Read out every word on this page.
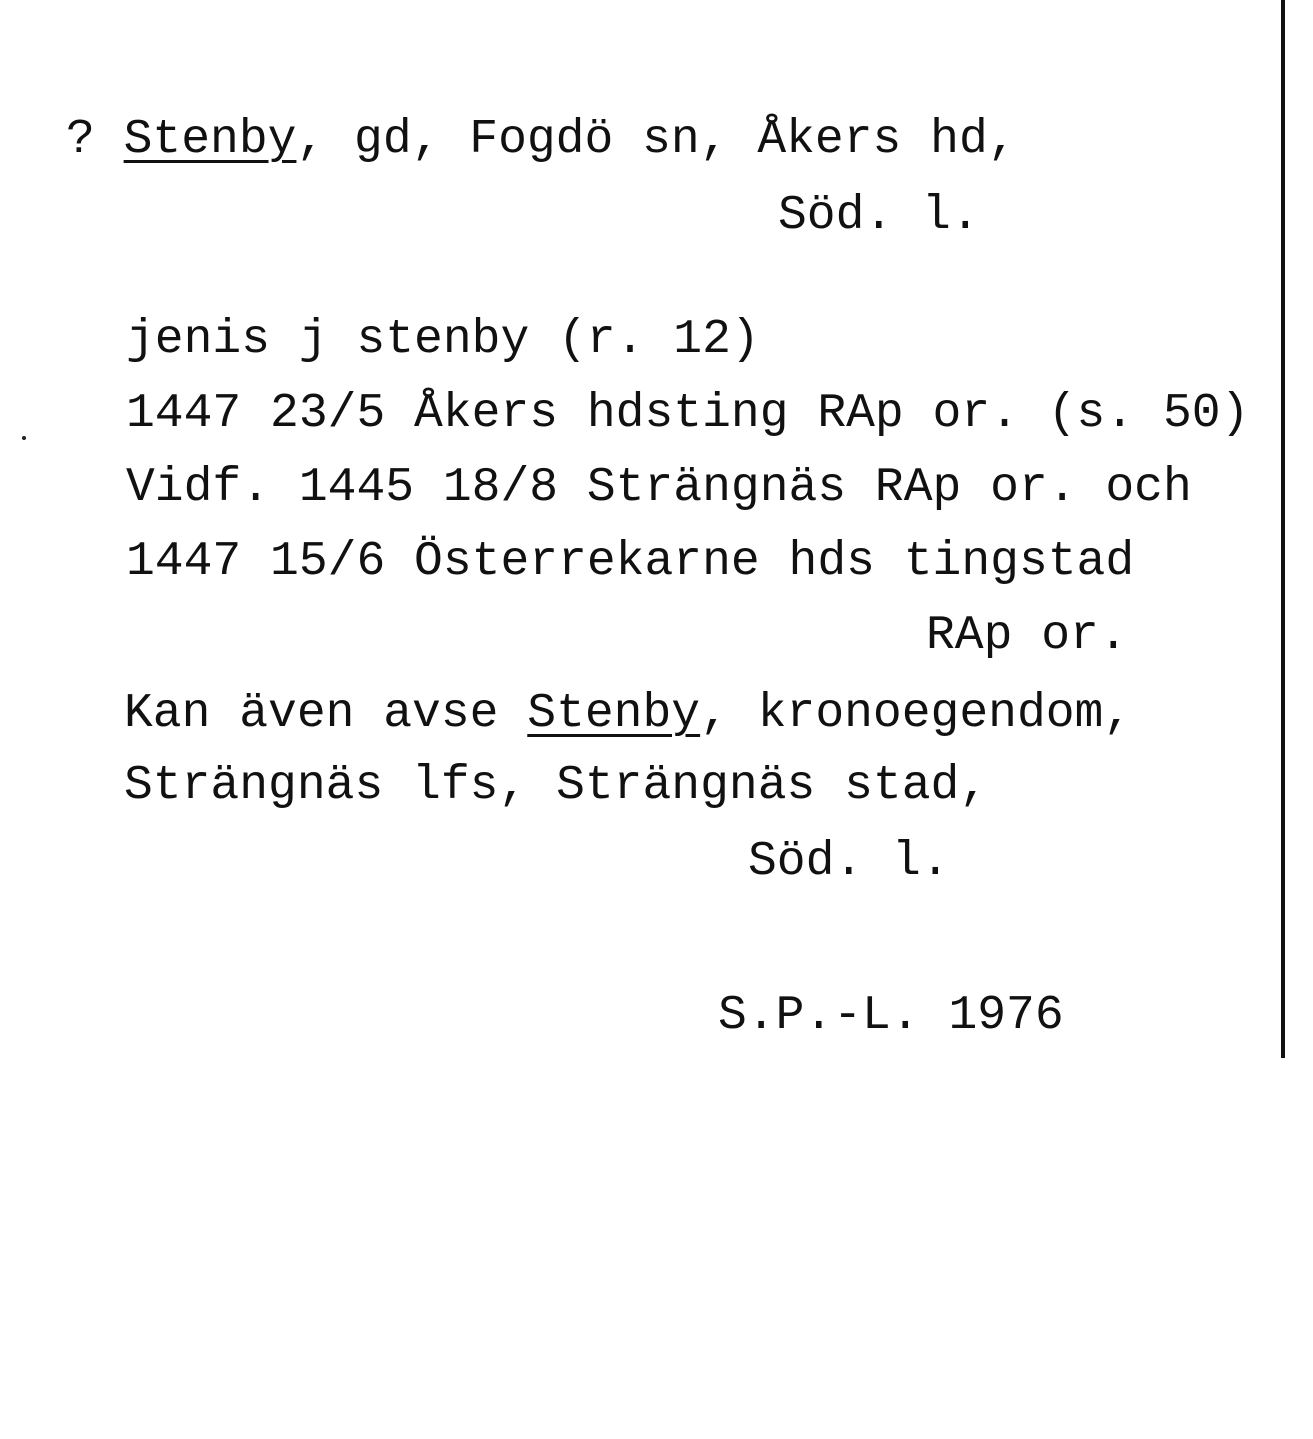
? Stenby, gd, Fogdö sn, Åkers hd,
Söd. l.
jenis j stenby (r. 12)
1447 23/5 Åkers hdsting RAp or. (s. 50)
Vidf. 1445 18/8 Strängnäs RAp or. och
1447 15/6 Österrekarne hds tingstad
RAp or.
Kan även avse Stenby, kronoegendom,
Strängnäs lfs, Strängnäs stad,
Söd. l.
S.P.-L. 1976
